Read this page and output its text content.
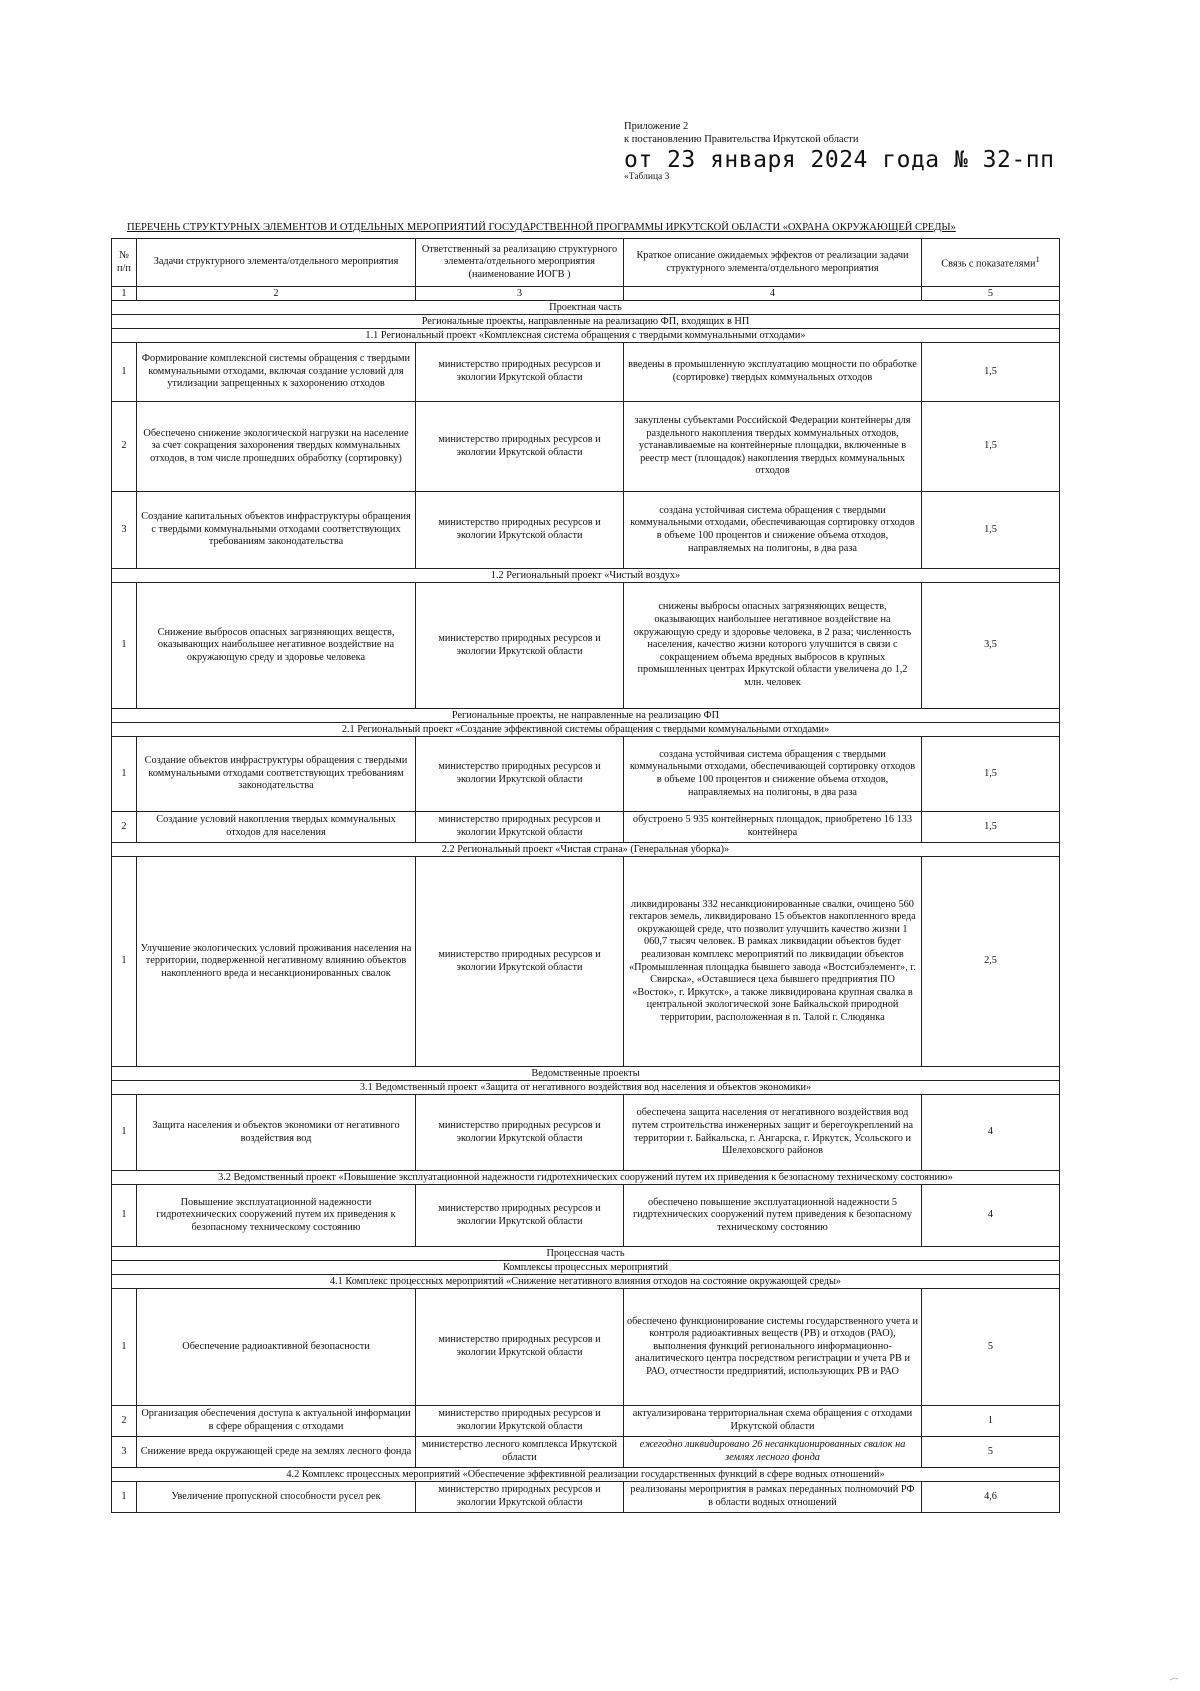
Приложение 2
к постановлению Правительства Иркутской области
от 23 января 2024 года № 32-пп
«Таблица 3
ПЕРЕЧЕНЬ СТРУКТУРНЫХ ЭЛЕМЕНТОВ И ОТДЕЛЬНЫХ МЕРОПРИЯТИЙ ГОСУДАРСТВЕННОЙ ПРОГРАММЫ ИРКУТСКОЙ ОБЛАСТИ «ОХРАНА ОКРУЖАЮЩЕЙ СРЕДЫ»
№ п/п	Задачи структурного элемента/отдельного мероприятия	Ответственный за реализацию структурного элемента/отдельного мероприятия (наименование ИОГВ )	Краткое описание ожидаемых эффектов от реализации задачи структурного элемента/отдельного мероприятия	Связь с показателями$^1$
1	2	3	4	5
Проектная часть				
Региональные проекты, направленные на реализацию ФП, входящих в НП				
1.1 Региональный проект «Комплексная система обращения с твердыми коммунальными отходами»				
1	Формирование комплексной системы обращения с твердыми коммунальными отходами, включая создание условий для утилизации запрещенных к захоронению отходов	министерство природных ресурсов и экологии Иркутской области	введены в промышленную эксплуатацию мощности по обработке (сортировке) твердых коммунальных отходов	1,5
2	Обеспечено снижение экологической нагрузки на население за счет сокращения захоронения твердых коммунальных отходов, в том числе прошедших обработку (сортировку)	министерство природных ресурсов и экологии Иркутской области	закуплены субъектами Российской Федерации контейнеры для раздельного накопления твердых коммунальных отходов, устанавливаемые на контейнерные площадки, включенные в реестр мест (площадок) накопления твердых коммунальных отходов	1,5
3	Создание капитальных объектов инфраструктуры обращения с твердыми коммунальными отходами соответствующих требованиям законодательства	министерство природных ресурсов и экологии Иркутской области	создана устойчивая система обращения с твердыми коммунальными отходами, обеспечивающая сортировку отходов в объеме 100 процентов и снижение объема отходов, направляемых на полигоны, в два раза	1,5
1.2 Региональный проект «Чистый воздух»				
1	Снижение выбросов опасных загрязняющих веществ, оказывающих наибольшее негативное воздействие на окружающую среду и здоровье человека	министерство природных ресурсов и экологии Иркутской области	снижены выбросы опасных загрязняющих веществ, оказывающих наибольшее негативное воздействие на окружающую среду и здоровье человека, в 2 раза; численность населения, качество жизни которого улучшится в связи с сокращением объема вредных выбросов в крупных промышленных центрах Иркутской области увеличена до 1,2 млн. человек	3,5
Региональные проекты, не направленные на реализацию ФП				
2.1 Региональный проект «Создание эффективной системы обращения с твердыми коммунальными отходами»				
1	Создание объектов инфраструктуры обращения с твердыми коммунальными отходами соответствующих требованиям законодательства	министерство природных ресурсов и экологии Иркутской области	создана устойчивая система обращения с твердыми коммунальными отходами, обеспечивающей сортировку отходов в объеме 100 процентов и снижение объема отходов, направляемых на полигоны, в два раза	1,5
2	Создание условий накопления твердых коммунальных отходов для населения	министерство природных ресурсов и экологии Иркутской области	обустроено 5 935 контейнерных площадок, приобретено 16 133 контейнера	1,5
2.2 Региональный проект «Чистая страна» (Генеральная уборка)»				
1	Улучшение экологических условий проживания населения на территории, подверженной негативному влиянию объектов накопленного вреда и несанкционированных свалок	министерство природных ресурсов и экологии Иркутской области	ликвидированы 332 несанкционированные свалки, очищено 560 гектаров земель, ликвидировано 15 объектов накопленного вреда окружающей среде, что позволит улучшить качество жизни 1 060,7 тысяч человек. В рамках ликвидации объектов будет реализован комплекс мероприятий по ликвидации объектов «Промышленная площадка бывшего завода «Востсибэлемент», г. Свирска», «Оставшиеся цеха бывшего предприятия ПО «Восток», г. Иркутск», а также ликвидирована крупная свалка в центральной экологической зоне Байкальской природной территории, расположенная в п. Талой г. Слюдянка	2,5
Ведомственные проекты				
3.1 Ведомственный проект «Защита от негативного воздействия вод населения и объектов экономики»				
1	Защита населения и объектов экономики от негативного воздействия вод	министерство природных ресурсов и экологии Иркутской области	обеспечена защита населения от негативного воздействия вод путем строительства инженерных защит и берегоукреплений на территории г. Байкальска, г. Ангарска, г. Иркутск, Усольского и Шелеховского районов	4
3.2 Ведомственный проект «Повышение эксплуатационной надежности гидротехнических сооружений путем их приведения к безопасному техническому состоянию»				
1	Повышение эксплуатационной надежности гидротехнических сооружений путем их приведения к безопасному техническому состоянию	министерство природных ресурсов и экологии Иркутской области	обеспечено повышение эксплуатационной надежности 5 гидртехнических сооружений путем приведения к безопасному техническому состоянию	4
Процессная часть				
Комплексы процессных мероприятий				
4.1 Комплекс процессных мероприятий «Снижение негативного влияния отходов на состояние окружающей среды»				
1	Обеспечение радиоактивной безопасности	министерство природных ресурсов и экологии Иркутской области	обеспечено функционирование системы государственного учета и контроля радиоактивных веществ (РВ) и отходов (РАО), выполнения функций регионального информационно-аналитического центра посредством регистрации и учета РВ и РАО, отчестности предприятий, использующих РВ и РАО	5
2	Организация обеспечения доступа к актуальной информации в сфере обращения с отходами	министерство природных ресурсов и экологии Иркутской области	актуализирована территориальная схема обращения с отходами Иркутской области	1
3	Снижение вреда окружающей среде на землях лесного фонда	министерство лесного комплекса Иркутской области	ежегодно ликвидировано 26 несанкционированных свалок на землях лесного фонда	5
4.2 Комплекс процессных мероприятий «Обеспечение эффективной реализации государственных функций в сфере водных отношений»				
1	Увеличение пропускной способности русел рек	министерство природных ресурсов и экологии Иркутской области	реализованы мероприятия в рамках переданных полномочий РФ в области водных отношений	4,6
